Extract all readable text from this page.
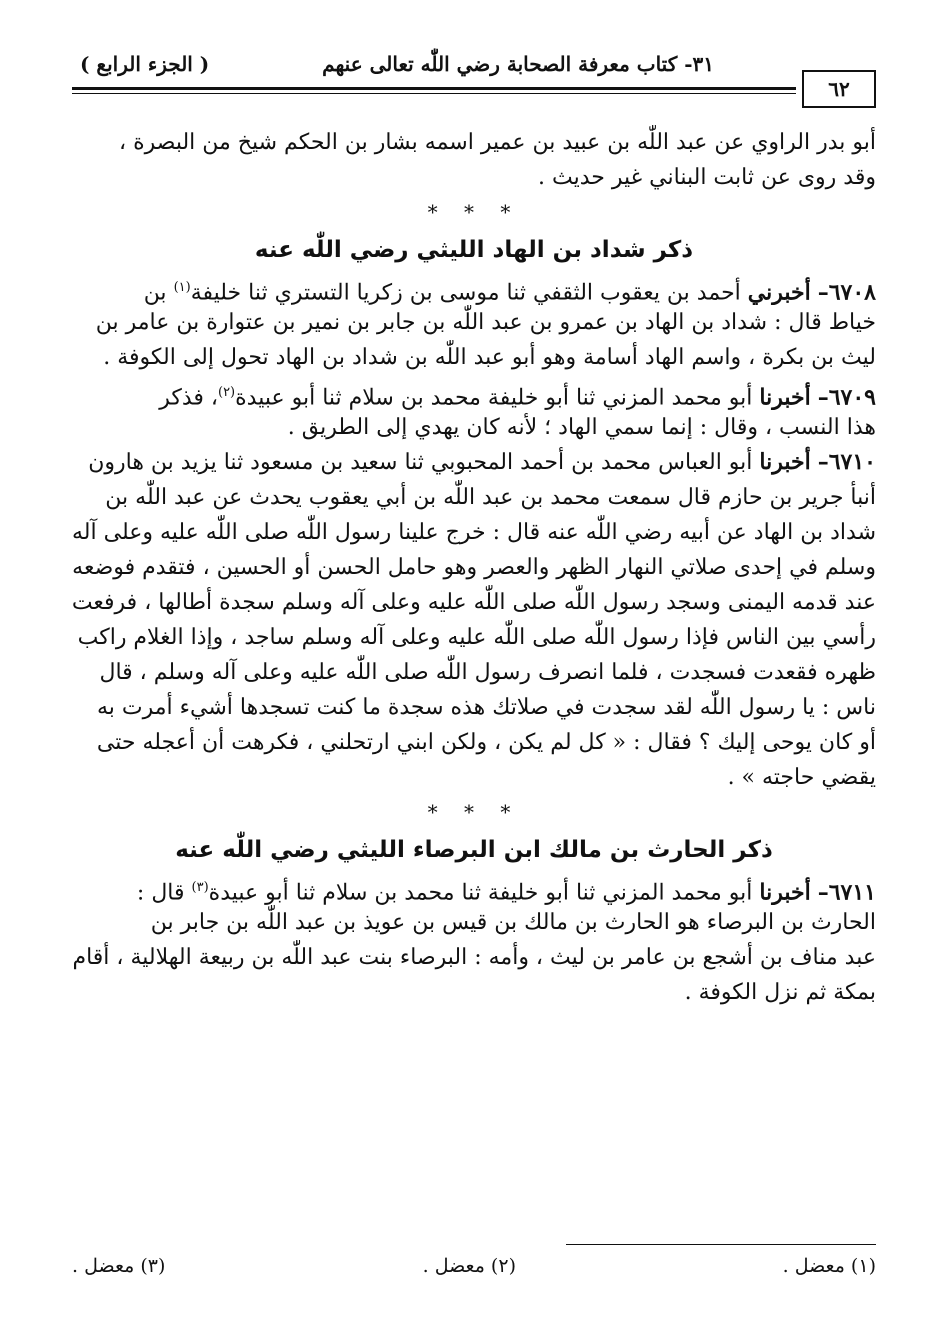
٦٢
٣١- كتاب معرفة الصحابة رضي اللّٰه تعالى عنهم
( الجزء الرابع )
أبو بدر الراوي عن عبد اللّٰه بن عبيد بن عمير اسمه بشار بن الحكم شيخ من البصرة ،
وقد روى عن ثابت البناني غير حديث .
* * *
ذكر شداد بن الهاد الليثي رضي اللّٰه عنه
٦٧٠٨– أخبرني أحمد بن يعقوب الثقفي ثنا موسى بن زكريا التستري ثنا خليفة$^{(١)}$ بن
خياط قال : شداد بن الهاد بن عمرو بن عبد اللّٰه بن جابر بن نمير بن عتوارة بن عامر بن
ليث بن بكرة ، واسم الهاد أسامة وهو أبو عبد اللّٰه بن شداد بن الهاد تحول إلى الكوفة .
٦٧٠٩– أخبرنا أبو محمد المزني ثنا أبو خليفة محمد بن سلام ثنا أبو عبيدة$^{(٢)}$، فذكر
هذا النسب ، وقال : إنما سمي الهاد ؛ لأنه كان يهدي إلى الطريق .
٦٧١٠– أخبرنا أبو العباس محمد بن أحمد المحبوبي ثنا سعيد بن مسعود ثنا يزيد بن هارون
أنبأ جرير بن حازم قال سمعت محمد بن عبد اللّٰه بن أبي يعقوب يحدث عن عبد اللّٰه بن
شداد بن الهاد عن أبيه رضي اللّٰه عنه قال : خرج علينا رسول اللّٰه صلى اللّٰه عليه وعلى آله
وسلم في إحدى صلاتي النهار الظهر والعصر وهو حامل الحسن أو الحسين ، فتقدم فوضعه
عند قدمه اليمنى وسجد رسول اللّٰه صلى اللّٰه عليه وعلى آله وسلم سجدة أطالها ، فرفعت
رأسي بين الناس فإذا رسول اللّٰه صلى اللّٰه عليه وعلى آله وسلم ساجد ، وإذا الغلام راكب
ظهره فقعدت فسجدت ، فلما انصرف رسول اللّٰه صلى اللّٰه عليه وعلى آله وسلم ، قال
ناس : يا رسول اللّٰه لقد سجدت في صلاتك هذه سجدة ما كنت تسجدها أشيء أمرت به
أو كان يوحى إليك ؟ فقال : « كل لم يكن ، ولكن ابني ارتحلني ، فكرهت أن أعجله حتى
يقضي حاجته » .
* * *
ذكر الحارث بن مالك ابن البرصاء الليثي رضي اللّٰه عنه
٦٧١١– أخبرنا أبو محمد المزني ثنا أبو خليفة ثنا محمد بن سلام ثنا أبو عبيدة$^{(٣)}$ قال :
الحارث بن البرصاء هو الحارث بن مالك بن قيس بن عويذ بن عبد اللّٰه بن جابر بن
عبد مناف بن أشجع بن عامر بن ليث ، وأمه : البرصاء بنت عبد اللّٰه بن ربيعة الهلالية ، أقام
بمكة ثم نزل الكوفة .
(١) معضل .
(٢) معضل .
(٣) معضل .
